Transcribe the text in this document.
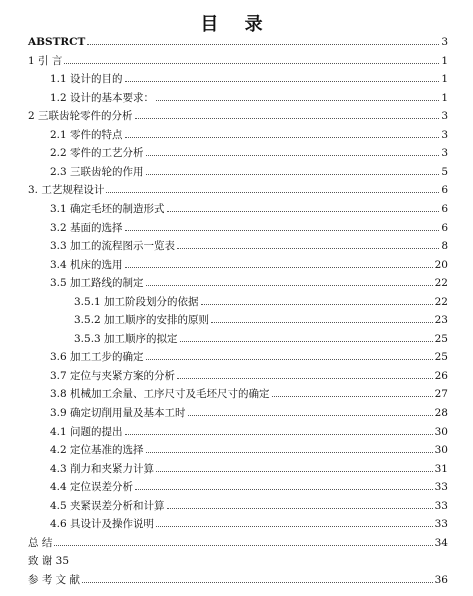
目 录
ABSTRCT	3
1 引 言	1
1.1 设计的目的	1
1.2 设计的基本要求：	1
2 三联齿轮零件的分析	3
2.1 零件的特点	3
2.2 零件的工艺分析	3
2.3 三联齿轮的作用	5
3. 工艺规程设计	6
3.1 确定毛坯的制造形式	6
3.2 基面的选择	6
3.3 加工的流程图示一览表	8
3.4 机床的选用	20
3.5 加工路线的制定	22
3.5.1 加工阶段划分的依据	22
3.5.2 加工顺序的安排的原则	23
3.5.3 加工顺序的拟定	25
3.6 加工工步的确定	25
3.7 定位与夹紧方案的分析	26
3.8 机械加工余量、工序尺寸及毛坯尺寸的确定	27
3.9 确定切削用量及基本工时	28
4.1 问题的提出	30
4.2 定位基准的选择	30
4.3 削力和夹紧力计算	31
4.4 定位误差分析	33
4.5 夹紧误差分析和计算	33
4.6 具设计及操作说明	33
总 结	34
致 谢 35
参 考 文 献	36
